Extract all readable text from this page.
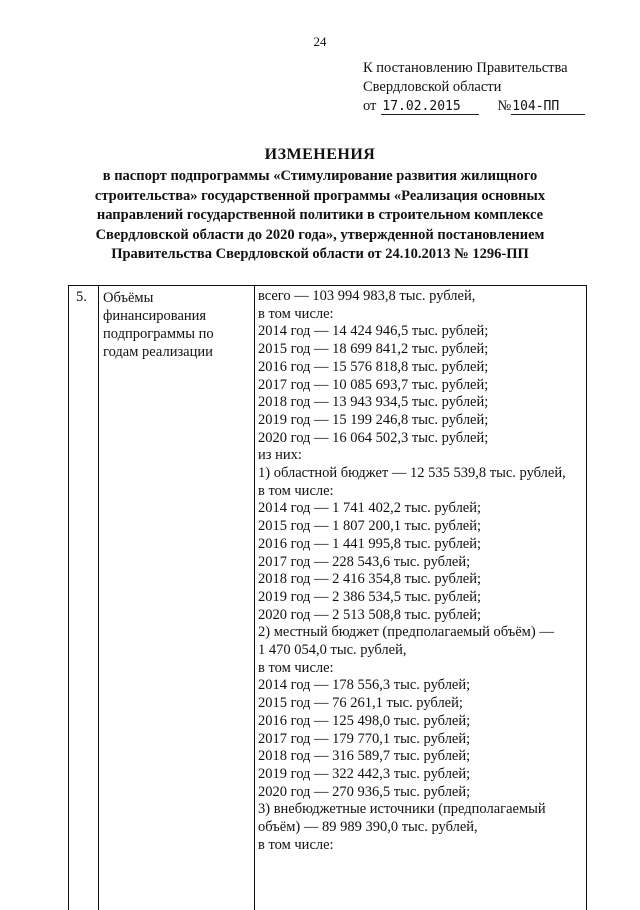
24
К постановлению Правительства
Свердловской области
от 17.02.2015	№ 104-ПП
ИЗМЕНЕНИЯ
в паспорт подпрограммы «Стимулирование развития жилищного
строительства» государственной программы «Реализация основных
направлений государственной политики в строительном комплексе
Свердловской области до 2020 года», утвержденной постановлением
Правительства Свердловской области от 24.10.2013 № 1296-ПП
5.	Объёмы
финансирования
подпрограммы по
годам реализации
всего — 103 994 983,8 тыс. рублей,
в том числе:
2014 год — 14 424 946,5 тыс. рублей;
2015 год — 18 699 841,2 тыс. рублей;
2016 год — 15 576 818,8 тыс. рублей;
2017 год — 10 085 693,7 тыс. рублей;
2018 год — 13 943 934,5 тыс. рублей;
2019 год — 15 199 246,8 тыс. рублей;
2020 год — 16 064 502,3 тыс. рублей;
из них:
1) областной бюджет — 12 535 539,8 тыс. рублей,
в том числе:
2014 год — 1 741 402,2 тыс. рублей;
2015 год — 1 807 200,1 тыс. рублей;
2016 год — 1 441 995,8 тыс. рублей;
2017 год — 228 543,6 тыс. рублей;
2018 год — 2 416 354,8 тыс. рублей;
2019 год — 2 386 534,5 тыс. рублей;
2020 год — 2 513 508,8 тыс. рублей;
2) местный бюджет (предполагаемый объём) —
1 470 054,0 тыс. рублей,
в том числе:
2014 год — 178 556,3 тыс. рублей;
2015 год — 76 261,1 тыс. рублей;
2016 год — 125 498,0 тыс. рублей;
2017 год — 179 770,1 тыс. рублей;
2018 год — 316 589,7 тыс. рублей;
2019 год — 322 442,3 тыс. рублей;
2020 год — 270 936,5 тыс. рублей;
3) внебюджетные источники (предполагаемый
объём) — 89 989 390,0 тыс. рублей,
в том числе:
